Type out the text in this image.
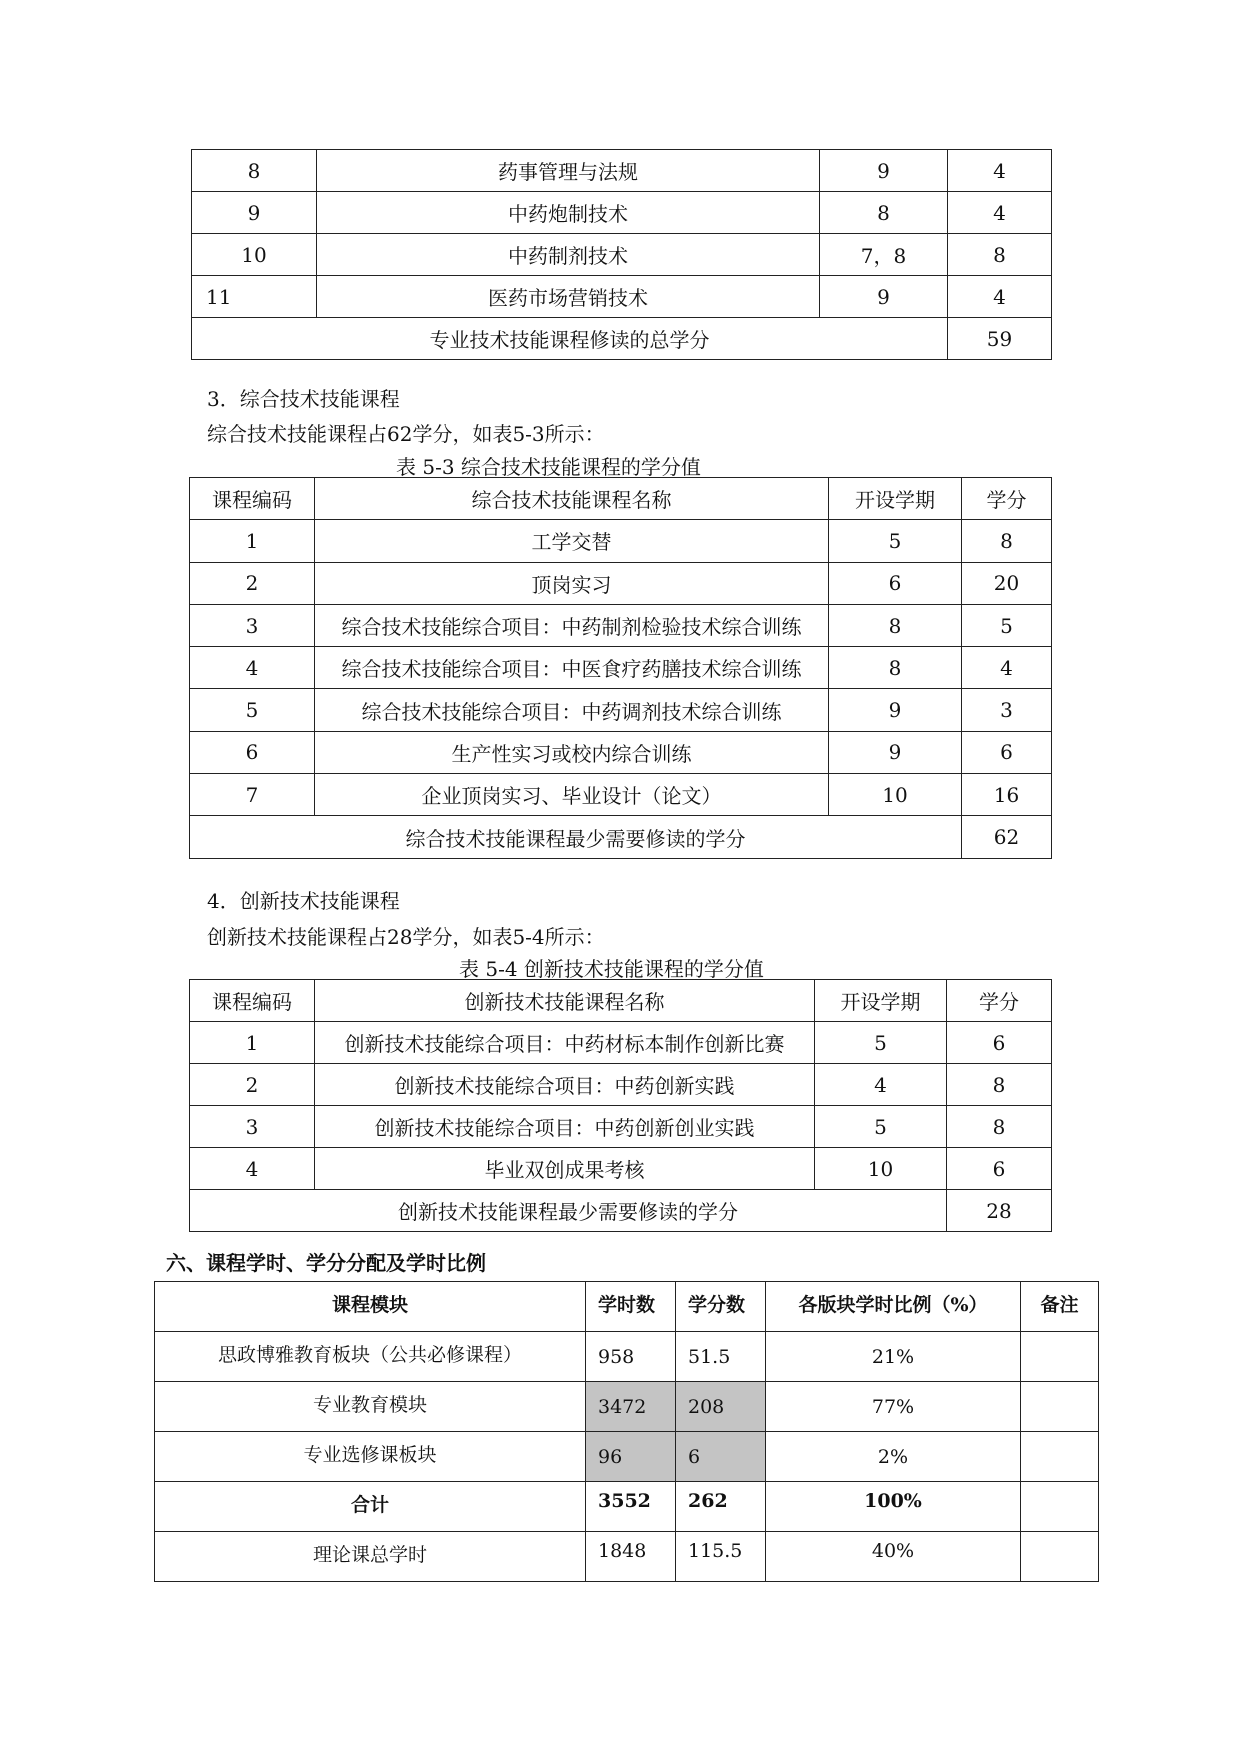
8	药事管理与法规	9	4
9	中药炮制技术	8	4
10	中药制剂技术	7，8	8
11	医药市场营销技术	9	4
专业技术技能课程修读的总学分			59
3．综合技术技能课程
综合技术技能课程占62学分，如表5-3所示：
表 5-3 综合技术技能课程的学分值
课程编码	综合技术技能课程名称	开设学期	学分
1	工学交替	5	8
2	顶岗实习	6	20
3	综合技术技能综合项目：中药制剂检验技术综合训练	8	5
4	综合技术技能综合项目：中医食疗药膳技术综合训练	8	4
5	综合技术技能综合项目：中药调剂技术综合训练	9	3
6	生产性实习或校内综合训练	9	6
7	企业顶岗实习、毕业设计（论文）	10	16
综合技术技能课程最少需要修读的学分			62
4．创新技术技能课程
创新技术技能课程占28学分，如表5-4所示：
表 5-4 创新技术技能课程的学分值
课程编码	创新技术技能课程名称	开设学期	学分
1	创新技术技能综合项目：中药材标本制作创新比赛	5	6
2	创新技术技能综合项目：中药创新实践	4	8
3	创新技术技能综合项目：中药创新创业实践	5	8
4	毕业双创成果考核	10	6
创新技术技能课程最少需要修读的学分			28
六、课程学时、学分分配及学时比例
课程模块	学时数	学分数	各版块学时比例（%）	备注
思政博雅教育板块（公共必修课程）	958	51.5	21%	
专业教育模块	3472	208	77%	
专业选修课板块	96	6	2%	
合计	3552	262	100%	
理论课总学时	1848	115.5	40%	
